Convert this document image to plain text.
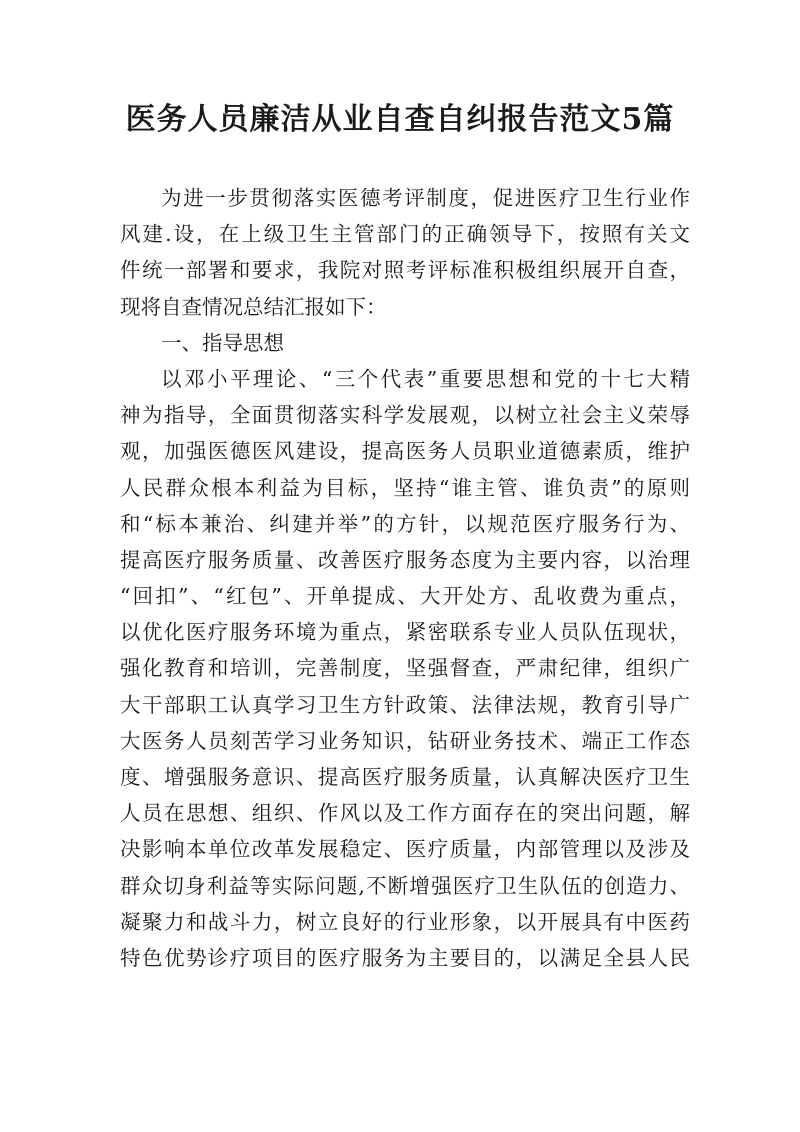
医务人员廉洁从业自查自纠报告范文5篇
为进一步贯彻落实医德考评制度，促进医疗卫生行业作
风建.设，在上级卫生主管部门的正确领导下，按照有关文
件统一部署和要求，我院对照考评标准积极组织展开自查，
现将自查情况总结汇报如下：
一、指导思想
以邓小平理论、“三个代表”重要思想和党的十七大精
神为指导，全面贯彻落实科学发展观，以树立社会主义荣辱
观，加强医德医风建设，提高医务人员职业道德素质，维护
人民群众根本利益为目标，坚持“谁主管、谁负责”的原则
和“标本兼治、纠建并举”的方针，以规范医疗服务行为、
提高医疗服务质量、改善医疗服务态度为主要内容，以治理
“回扣”、“红包”、开单提成、大开处方、乱收费为重点，
以优化医疗服务环境为重点，紧密联系专业人员队伍现状，
强化教育和培训，完善制度，坚强督查，严肃纪律，组织广
大干部职工认真学习卫生方针政策、法律法规，教育引导广
大医务人员刻苦学习业务知识，钻研业务技术、端正工作态
度、增强服务意识、提高医疗服务质量，认真解决医疗卫生
人员在思想、组织、作风以及工作方面存在的突出问题，解
决影响本单位改革发展稳定、医疗质量，内部管理以及涉及
群众切身利益等实际问题,不断增强医疗卫生队伍的创造力、
凝聚力和战斗力，树立良好的行业形象，以开展具有中医药
特色优势诊疗项目的医疗服务为主要目的，以满足全县人民
